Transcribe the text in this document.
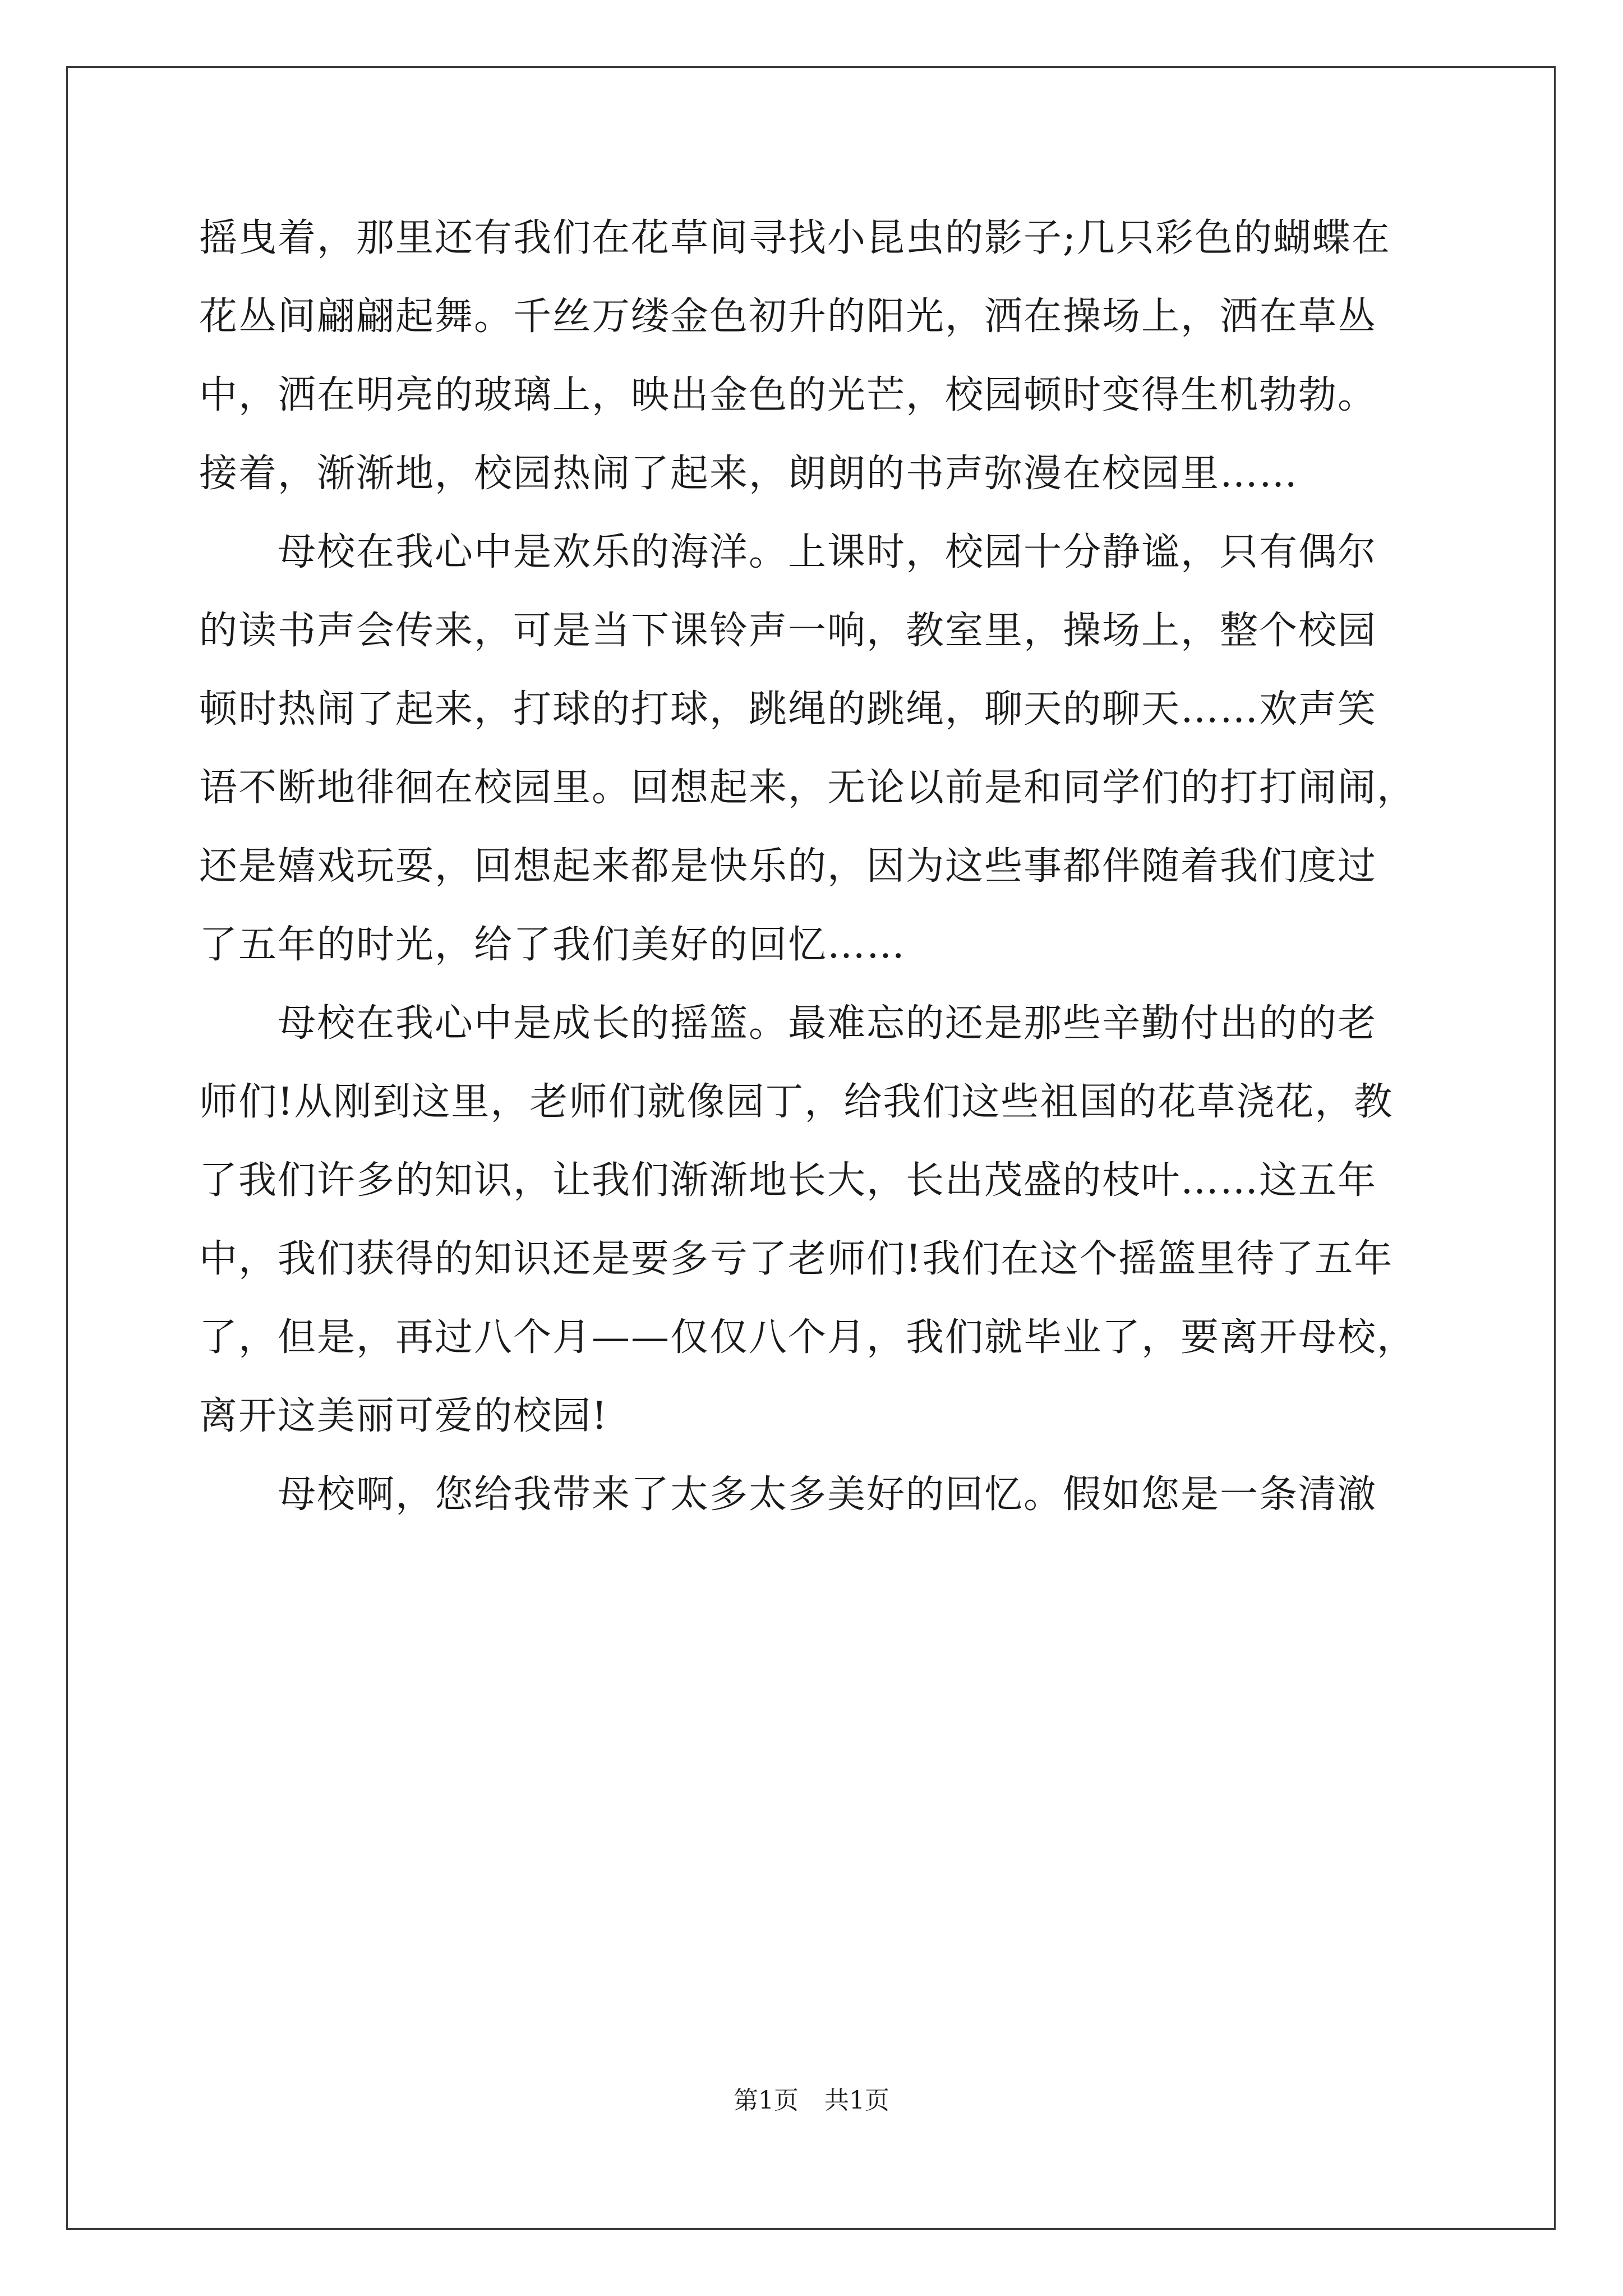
摇曳着，那里还有我们在花草间寻找小昆虫的影子;几只彩色的蝴蝶在

花丛间翩翩起舞。千丝万缕金色初升的阳光，洒在操场上，洒在草丛

中，洒在明亮的玻璃上，映出金色的光芒，校园顿时变得生机勃勃。

接着，渐渐地，校园热闹了起来，朗朗的书声弥漫在校园里……

母校在我心中是欢乐的海洋。上课时，校园十分静谧，只有偶尔

的读书声会传来，可是当下课铃声一响，教室里，操场上，整个校园

顿时热闹了起来，打球的打球，跳绳的跳绳，聊天的聊天……欢声笑

语不断地徘徊在校园里。回想起来，无论以前是和同学们的打打闹闹，

还是嬉戏玩耍，回想起来都是快乐的，因为这些事都伴随着我们度过

了五年的时光，给了我们美好的回忆……

母校在我心中是成长的摇篮。最难忘的还是那些辛勤付出的的老

师们!从刚到这里，老师们就像园丁，给我们这些祖国的花草浇花，教

了我们许多的知识，让我们渐渐地长大，长出茂盛的枝叶……这五年

中，我们获得的知识还是要多亏了老师们!我们在这个摇篮里待了五年

了，但是，再过八个月——仅仅八个月，我们就毕业了，要离开母校，

离开这美丽可爱的校园!

母校啊，您给我带来了太多太多美好的回忆。假如您是一条清澈

第1页 共1页
